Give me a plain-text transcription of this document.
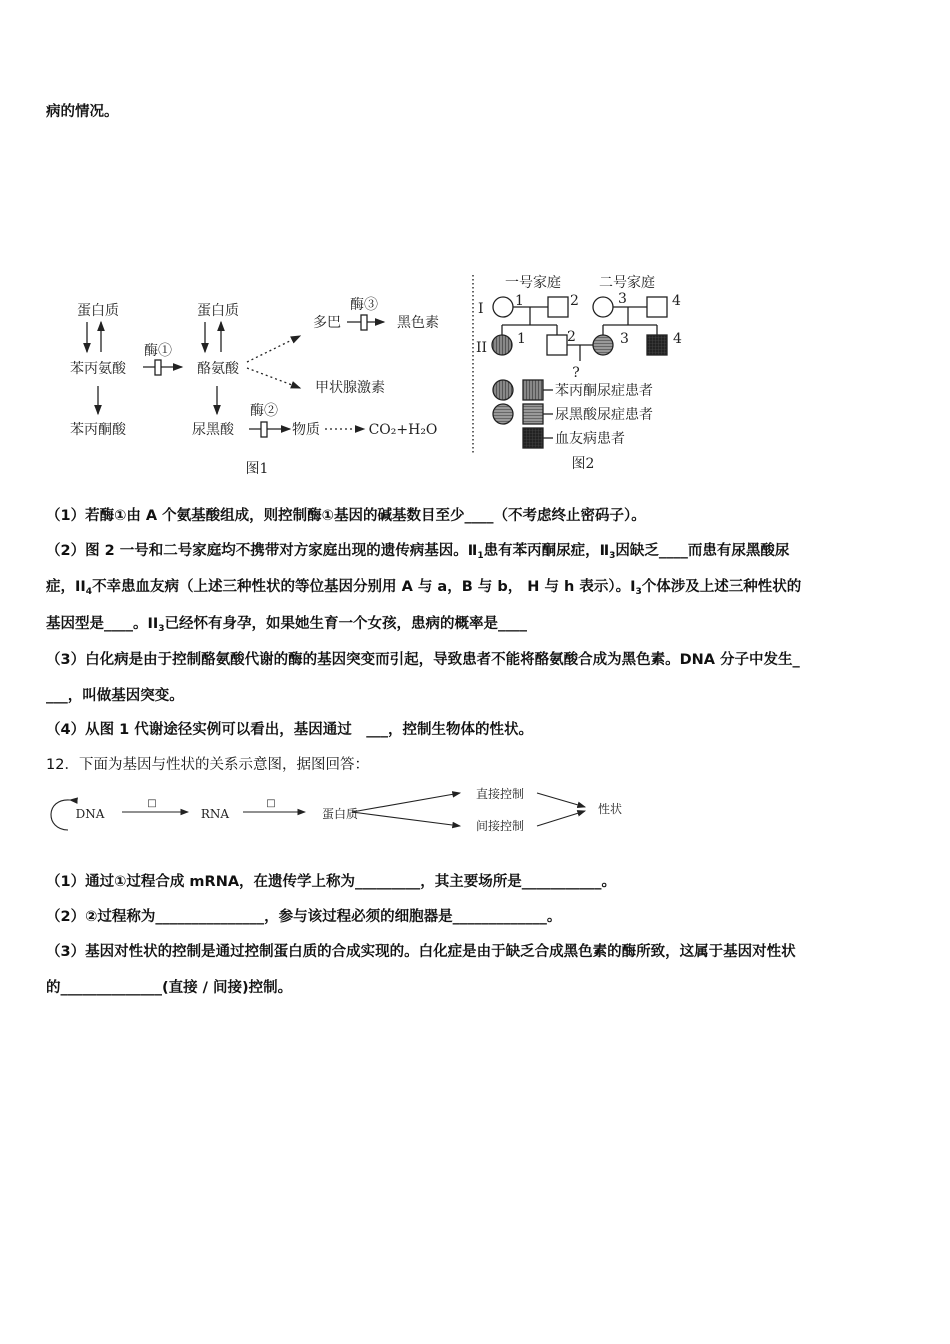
病的情况。
蛋白质
苯丙氨酸
苯丙酮酸
酶①
蛋白质
酪氨酸
多巴
酶③
黑色素
甲状腺激素
尿黑酸
酶②
物质	CO₂+H₂O
图1
一号家庭	二号家庭
I
II
1	2	3	4
1	2	3	4
?
苯丙酮尿症患者
尿黑酸尿症患者
血友病患者
图2
（1）若酶①由 A 个氨基酸组成，则控制酶①基因的碱基数目至少____（不考虑终止密码子）。
（2）图 2 一号和二号家庭均不携带对方家庭出现的遗传病基因。$Ⅱ_1$患有苯丙酮尿症，$Ⅱ_3$因缺乏____而患有尿黑酸尿
症，$II_4$不幸患血友病（上述三种性状的等位基因分别用 A 与 a，B 与 b， H 与 h 表示）。$I_3$个体涉及上述三种性状的
基因型是____。$II_3$已经怀有身孕，如果她生育一个女孩，患病的概率是____
（3）白化病是由于控制酪氨酸代谢的酶的基因突变而引起，导致患者不能将酪氨酸合成为黑色素。DNA 分子中发生_
___，叫做基因突变。
（4）从图 1 代谢途径实例可以看出，基因通过　___，控制生物体的性状。
12．下面为基因与性状的关系示意图，据图回答：
DNA
□
RNA
□
蛋白质
直接控制
间接控制
性状
（1）通过①过程合成 mRNA，在遗传学上称为_________，其主要场所是___________。
（2）②过程称为_______________，参与该过程必须的细胞器是_____________。
（3）基因对性状的控制是通过控制蛋白质的合成实现的。白化症是由于缺乏合成黑色素的酶所致，这属于基因对性状
的______________(直接 / 间接)控制。
